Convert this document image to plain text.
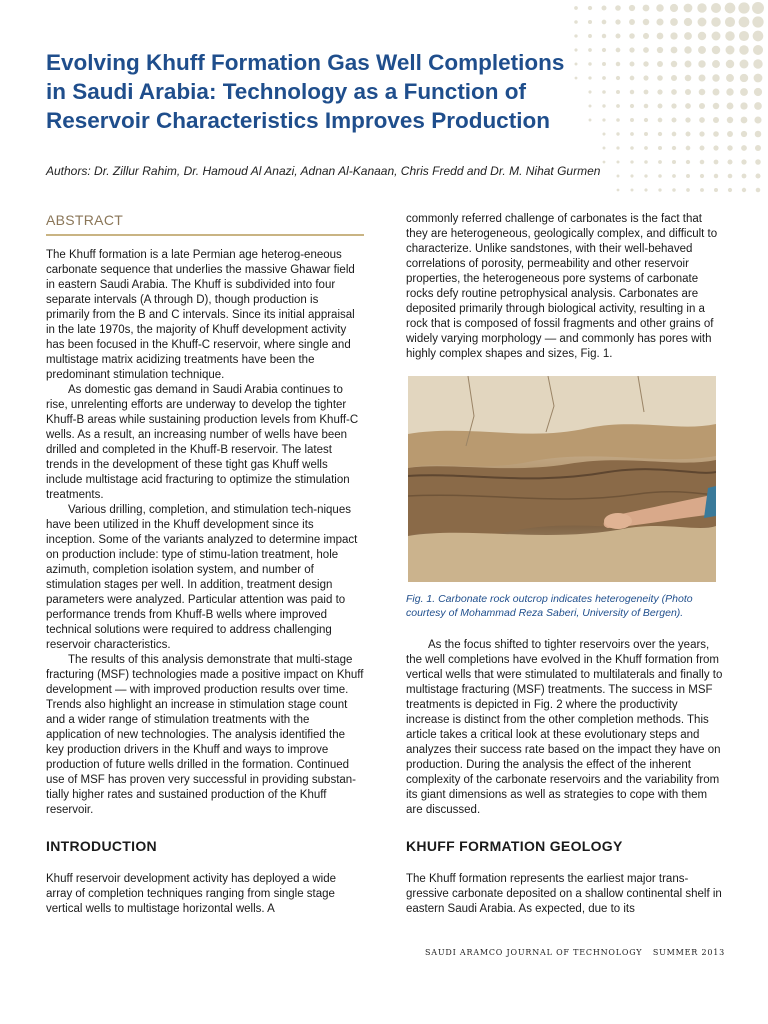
Evolving Khuff Formation Gas Well Completions
in Saudi Arabia: Technology as a Function of
Reservoir Characteristics Improves Production
Authors: Dr. Zillur Rahim, Dr. Hamoud Al Anazi, Adnan Al-Kanaan, Chris Fredd and Dr. M. Nihat Gurmen
ABSTRACT

The Khuff formation is a late Permian age heterog-eneous carbonate sequence that underlies the massive Ghawar field in eastern Saudi Arabia. The Khuff is subdivided into four separate intervals (A through D), though production is primarily from the B and C intervals. Since its initial appraisal in the late 1970s, the majority of Khuff development activity has been focused in the Khuff-C reservoir, where single and multistage matrix acidizing treatments have been the predominant stimulation technique.

As domestic gas demand in Saudi Arabia continues to rise, unrelenting efforts are underway to develop the tighter Khuff-B areas while sustaining production levels from Khuff-C wells. As a result, an increasing number of wells have been drilled and completed in the Khuff-B reservoir. The latest trends in the development of these tight gas Khuff wells include multistage acid fracturing to optimize the stimulation treatments.

Various drilling, completion, and stimulation tech-niques have been utilized in the Khuff development since its inception. Some of the variants analyzed to determine impact on production include: type of stimu-lation treatment, hole azimuth, completion isolation system, and number of stimulation stages per well. In addition, treatment design parameters were analyzed. Particular attention was paid to performance trends from Khuff-B wells where improved technical solutions were required to address challenging reservoir characteristics.

The results of this analysis demonstrate that multi-stage fracturing (MSF) technologies made a positive impact on Khuff development — with improved production results over time. Trends also highlight an increase in stimulation stage count and a wider range of stimulation treatments with the application of new technologies. The analysis identified the key production drivers in the Khuff and ways to improve production of future wells drilled in the formation. Continued use of MSF has proven very successful in providing substan-tially higher rates and sustained production of the Khuff reservoir.

INTRODUCTION

Khuff reservoir development activity has deployed a wide array of completion techniques ranging from single stage vertical wells to multistage horizontal wells. A

commonly referred challenge of carbonates is the fact that they are heterogeneous, geologically complex, and difficult to characterize. Unlike sandstones, with their well-behaved correlations of porosity, permeability and other reservoir properties, the heterogeneous pore systems of carbonate rocks defy routine petrophysical analysis. Carbonates are deposited primarily through biological activity, resulting in a rock that is composed of fossil fragments and other grains of widely varying morphology — and commonly has pores with highly complex shapes and sizes, Fig. 1.

Fig. 1. Carbonate rock outcrop indicates heterogeneity (Photo courtesy of Mohammad Reza Saberi, University of Bergen).

As the focus shifted to tighter reservoirs over the years, the well completions have evolved in the Khuff formation from vertical wells that were stimulated to multilaterals and finally to multistage fracturing (MSF) treatments. The success in MSF treatments is depicted in Fig. 2 where the productivity increase is distinct from the other completion methods. This article takes a critical look at these evolutionary steps and analyzes their success rate based on the impact they have on production. During the analysis the effect of the inherent complexity of the carbonate reservoirs and the variability from its giant dimensions as well as strategies to cope with them are discussed.

KHUFF FORMATION GEOLOGY

The Khuff formation represents the earliest major trans-gressive carbonate deposited on a shallow continental shelf in eastern Saudi Arabia. As expected, due to its

SAUDI ARAMCO JOURNAL OF TECHNOLOGY SUMMER 2013
